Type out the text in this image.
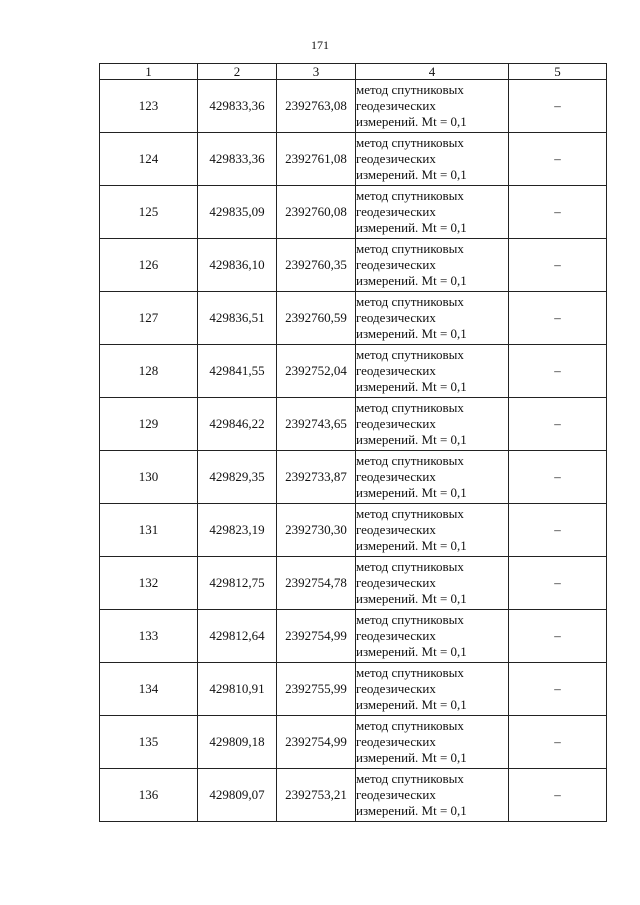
171
1	2	3	4	5
123	429833,36	2392763,08	метод спутниковых
геодезических
измерений. Mt = 0,1	–
124	429833,36	2392761,08	метод спутниковых
геодезических
измерений. Mt = 0,1	–
125	429835,09	2392760,08	метод спутниковых
геодезических
измерений. Mt = 0,1	–
126	429836,10	2392760,35	метод спутниковых
геодезических
измерений. Mt = 0,1	–
127	429836,51	2392760,59	метод спутниковых
геодезических
измерений. Mt = 0,1	–
128	429841,55	2392752,04	метод спутниковых
геодезических
измерений. Mt = 0,1	–
129	429846,22	2392743,65	метод спутниковых
геодезических
измерений. Mt = 0,1	–
130	429829,35	2392733,87	метод спутниковых
геодезических
измерений. Mt = 0,1	–
131	429823,19	2392730,30	метод спутниковых
геодезических
измерений. Mt = 0,1	–
132	429812,75	2392754,78	метод спутниковых
геодезических
измерений. Mt = 0,1	–
133	429812,64	2392754,99	метод спутниковых
геодезических
измерений. Mt = 0,1	–
134	429810,91	2392755,99	метод спутниковых
геодезических
измерений. Mt = 0,1	–
135	429809,18	2392754,99	метод спутниковых
геодезических
измерений. Mt = 0,1	–
136	429809,07	2392753,21	метод спутниковых
геодезических
измерений. Mt = 0,1	–
